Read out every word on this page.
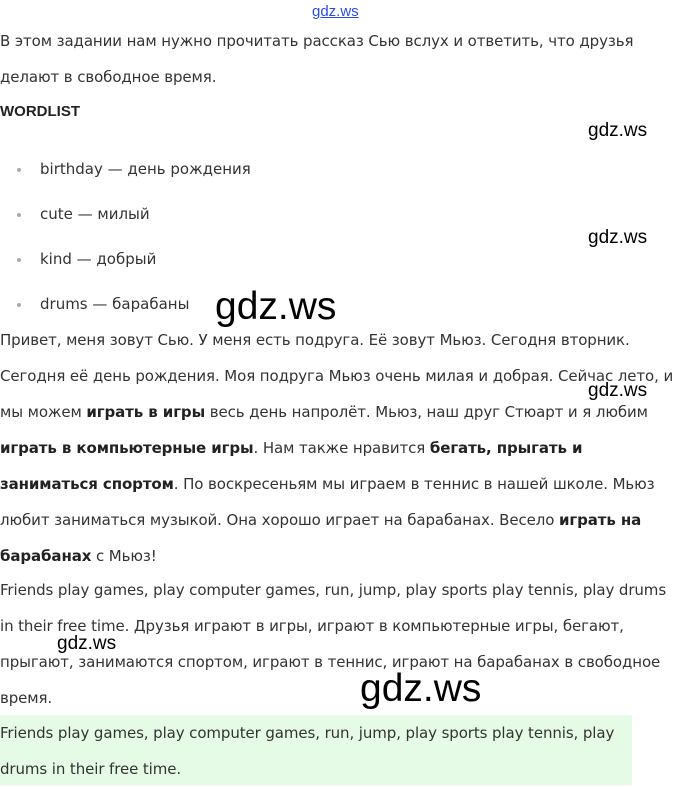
gdz.ws
В этом задании нам нужно прочитать рассказ Сью вслух и ответить, что друзья делают в свободное время.
WORDLIST
gdz.ws
birthday — день рождения
cute — милый
kind — добрый
drums — барабаны
gdz.ws
gdz.ws
Привет, меня зовут Сью. У меня есть подруга. Её зовут Мьюз. Сегодня вторник. Сегодня её день рождения. Моя подруга Мьюз очень милая и добрая. Сейчас лето, и мы можем играть в игры весь день напролёт. Мьюз, наш друг Стюарт и я любим играть в компьютерные игры. Нам также нравится бегать, прыгать и заниматься спортом. По воскресеньям мы играем в теннис в нашей школе. Мьюз любит заниматься музыкой. Она хорошо играет на барабанах. Весело играть на барабанах с Мьюз!
gdz.ws
Friends play games, play computer games, run, jump, play sports play tennis, play drums in their free time. Друзья играют в игры, играют в компьютерные игры, бегают, прыгают, занимаются спортом, играют в теннис, играют на барабанах в свободное время.
gdz.ws
gdz.ws
Friends play games, play computer games, run, jump, play sports play tennis, play drums in their free time.
